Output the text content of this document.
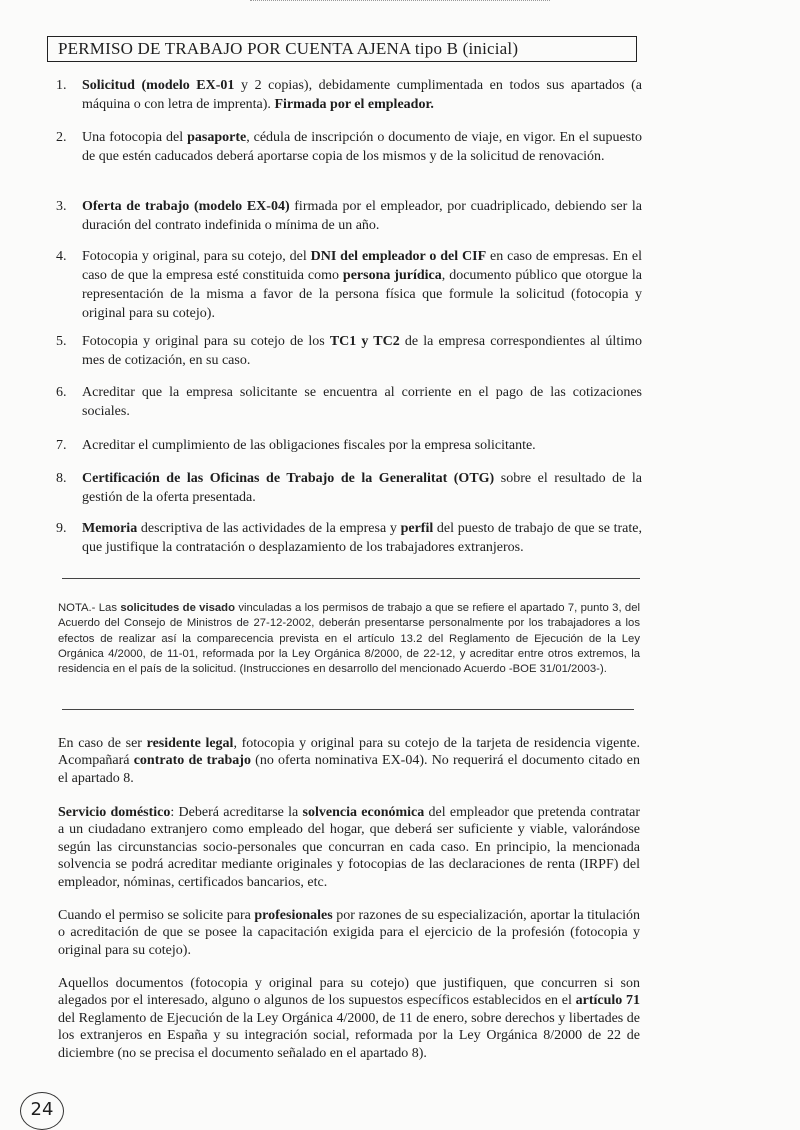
PERMISO DE TRABAJO POR CUENTA AJENA tipo B (inicial)
1.	Solicitud (modelo EX-01 y 2 copias), debidamente cumplimentada en todos sus apartados (a máquina o con letra de imprenta). Firmada por el empleador.
2.	Una fotocopia del pasaporte, cédula de inscripción o documento de viaje, en vigor. En el supuesto de que estén caducados deberá aportarse copia de los mismos y de la solicitud de renovación.
3.	Oferta de trabajo (modelo EX-04) firmada por el empleador, por cuadriplicado, debiendo ser la duración del contrato indefinida o mínima de un año.
4.	Fotocopia y original, para su cotejo, del DNI del empleador o del CIF en caso de empresas. En el caso de que la empresa esté constituida como persona jurídica, documento público que otorgue la representación de la misma a favor de la persona física que formule la solicitud (fotocopia y original para su cotejo).
5.	Fotocopia y original para su cotejo de los TC1 y TC2 de la empresa correspondientes al último mes de cotización, en su caso.
6.	Acreditar que la empresa solicitante se encuentra al corriente en el pago de las cotizaciones sociales.
7.	Acreditar el cumplimiento de las obligaciones fiscales por la empresa solicitante.
8.	Certificación de las Oficinas de Trabajo de la Generalitat (OTG) sobre el resultado de la gestión de la oferta presentada.
9.	Memoria descriptiva de las actividades de la empresa y perfil del puesto de trabajo de que se trate, que justifique la contratación o desplazamiento de los trabajadores extranjeros.
NOTA.- Las solicitudes de visado vinculadas a los permisos de trabajo a que se refiere el apartado 7, punto 3, del Acuerdo del Consejo de Ministros de 27-12-2002, deberán presentarse personalmente por los trabajadores a los efectos de realizar así la comparecencia prevista en el artículo 13.2 del Reglamento de Ejecución de la Ley Orgánica 4/2000, de 11-01, reformada por la Ley Orgánica 8/2000, de 22-12, y acreditar entre otros extremos, la residencia en el país de la solicitud. (Instrucciones en desarrollo del mencionado Acuerdo -BOE 31/01/2003-).
En caso de ser residente legal, fotocopia y original para su cotejo de la tarjeta de residencia vigente. Acompañará contrato de trabajo (no oferta nominativa EX-04). No requerirá el documento citado en el apartado 8.
Servicio doméstico: Deberá acreditarse la solvencia económica del empleador que pretenda contratar a un ciudadano extranjero como empleado del hogar, que deberá ser suficiente y viable, valorándose según las circunstancias socio-personales que concurran en cada caso. En principio, la mencionada solvencia se podrá acreditar mediante originales y fotocopias de las declaraciones de renta (IRPF) del empleador, nóminas, certificados bancarios, etc.
Cuando el permiso se solicite para profesionales por razones de su especialización, aportar la titulación o acreditación de que se posee la capacitación exigida para el ejercicio de la profesión (fotocopia y original para su cotejo).
Aquellos documentos (fotocopia y original para su cotejo) que justifiquen, que concurren si son alegados por el interesado, alguno o algunos de los supuestos específicos establecidos en el artículo 71 del Reglamento de Ejecución de la Ley Orgánica 4/2000, de 11 de enero, sobre derechos y libertades de los extranjeros en España y su integración social, reformada por la Ley Orgánica 8/2000 de 22 de diciembre (no se precisa el documento señalado en el apartado 8).
24
